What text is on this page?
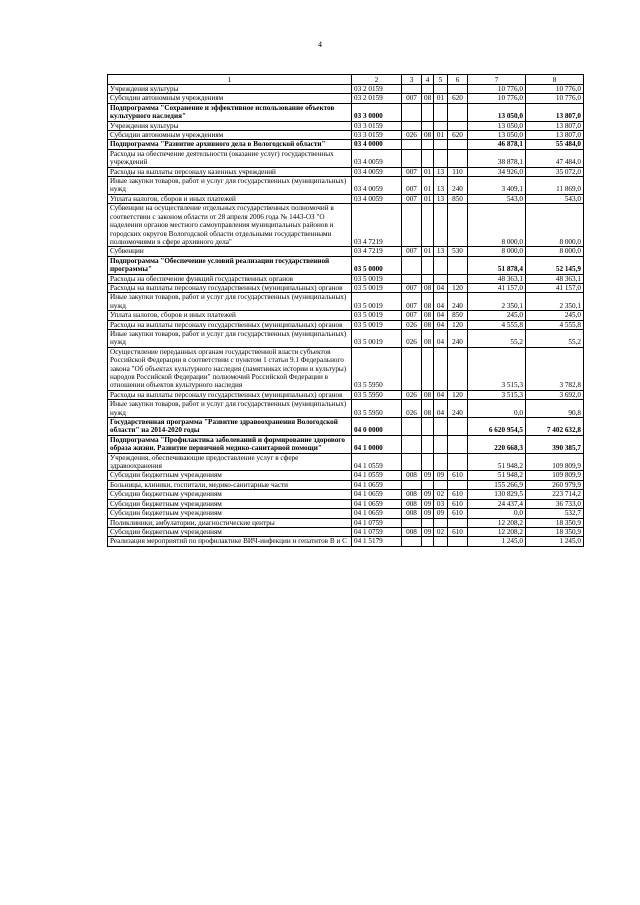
4
1	2	3	4	5	6	7	8
Учреждения культуры	03 2 0159					10 776,0	10 776,0
Субсидии автономным учреждениям	03 2 0159	007	08	01	620	10 776,0	10 776,0
Подпрограмма "Сохранение и эффективное использование объектов культурного наследия"	03 3 0000					13 050,0	13 807,0
Учреждения культуры	03 3 0159					13 050,0	13 807,0
Субсидии автономным учреждениям	03 3 0159	026	08	01	620	13 050,0	13 807,0
Подпрограмма "Развитие архивного дела в Вологодской области"	03 4 0000					46 878,1	55 484,0
Расходы на обеспечение деятельности (оказание услуг) государственных учреждений	03 4 0059					38 878,1	47 484,0
Расходы на выплаты персоналу казенных учреждений	03 4 0059	007	01	13	110	34 926,0	35 072,0
Иные закупки товаров, работ и услуг для государственных (муниципальных) нужд	03 4 0059	007	01	13	240	3 409,1	11 869,0
Уплата налогов, сборов и иных платежей	03 4 0059	007	01	13	850	543,0	543,0
Субвенции на осуществление отдельных государственных полномочий в соответствии с законом области от 28 апреля 2006 года № 1443-ОЗ "О наделении органов местного самоуправления муниципальных районов и городских округов Вологодской области отдельными государственными полномочиями в сфере архивного дела"	03 4 7219					8 000,0	8 000,0
Субвенции	03 4 7219	007	01	13	530	8 000,0	8 000,0
Подпрограмма "Обеспечение условий реализации государственной программы"	03 5 0000					51 878,4	52 145,9
Расходы на обеспечение функций государственных органов	03 5 0019					48 363,1	48 363,1
Расходы на выплаты персоналу государственных (муниципальных) органов	03 5 0019	007	08	04	120	41 157,0	41 157,0
Иные закупки товаров, работ и услуг для государственных (муниципальных) нужд	03 5 0019	007	08	04	240	2 350,1	2 350,1
Уплата налогов, сборов и иных платежей	03 5 0019	007	08	04	850	245,0	245,0
Расходы на выплаты персоналу государственных (муниципальных) органов	03 5 0019	026	08	04	120	4 555,8	4 555,8
Иные закупки товаров, работ и услуг для государственных (муниципальных) нужд	03 5 0019	026	08	04	240	55,2	55,2
Осуществление переданных органам государственной власти субъектов Российской Федерации в соответствии с пунктом 1 статьи 9.1 Федерального закона "Об объектах культурного наследия (памятниках истории и культуры) народов Российской Федерации" полномочий Российской Федерации в отношении объектов культурного наследия	03 5 5950					3 515,3	3 782,8
Расходы на выплаты персоналу государственных (муниципальных) органов	03 5 5950	026	08	04	120	3 515,3	3 692,0
Иные закупки товаров, работ и услуг для государственных (муниципальных) нужд	03 5 5950	026	08	04	240	0,0	90,8
Государственная программа "Развитие здравоохранения Вологодской области" на 2014-2020 годы	04 0 0000					6 620 954,5	7 402 632,8
Подпрограмма "Профилактика заболеваний и формирование здорового образа жизни. Развитие первичной медико-санитарной помощи"	04 1 0000					220 668,3	390 385,7
Учреждения, обеспечивающие предоставление услуг в сфере здравоохранения	04 1 0559					51 948,2	109 809,9
Субсидии бюджетным учреждениям	04 1 0559	008	09	09	610	51 948,2	109 809,9
Больницы, клиники, госпитали, медико-санитарные части	04 1 0659					155 266,9	260 979,9
Субсидии бюджетным учреждениям	04 1 0659	008	09	02	610	130 829,5	223 714,2
Субсидии бюджетным учреждениям	04 1 0659	008	09	03	610	24 437,4	36 733,0
Субсидии бюджетным учреждениям	04 1 0659	008	09	09	610	0,0	532,7
Поликлиники, амбулатории, диагностические центры	04 1 0759					12 208,2	18 350,9
Субсидии бюджетным учреждениям	04 1 0759	008	09	02	610	12 208,2	18 350,9
Реализация мероприятий по профилактике ВИЧ-инфекции и гепатитов B и C	04 1 5179					1 245,0	1 245,0
